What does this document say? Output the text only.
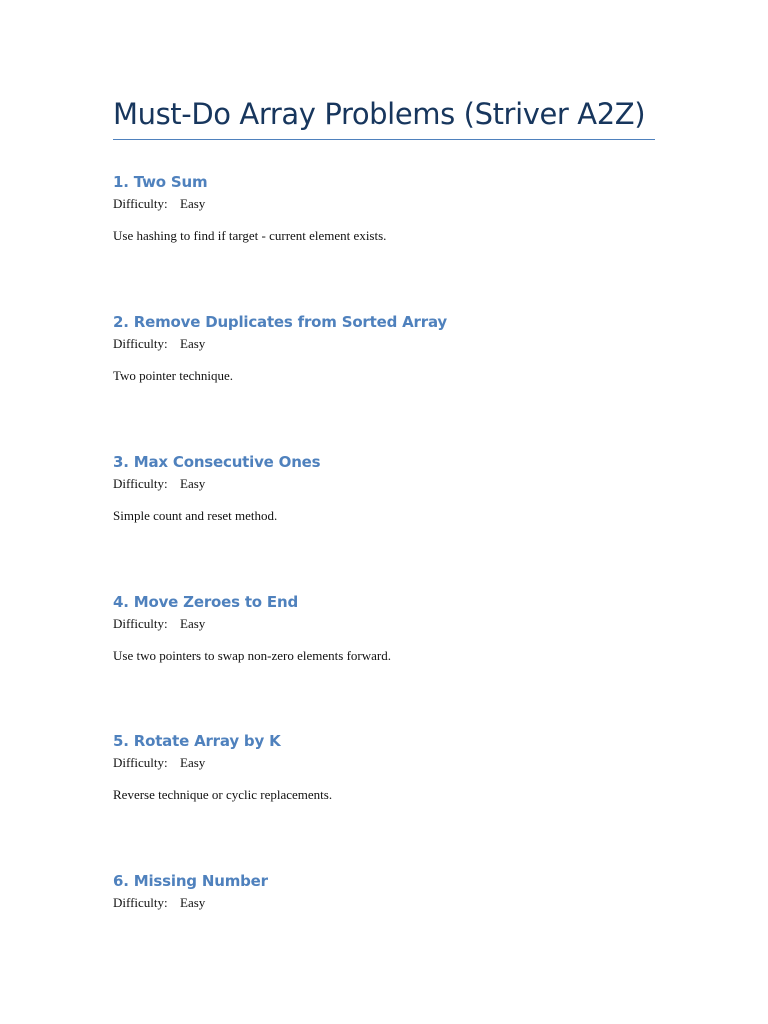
Must-Do Array Problems (Striver A2Z)
1. Two Sum
Difficulty: Easy

Use hashing to find if target - current element exists.

2. Remove Duplicates from Sorted Array
Difficulty: Easy

Two pointer technique.

3. Max Consecutive Ones
Difficulty: Easy

Simple count and reset method.

4. Move Zeroes to End
Difficulty: Easy

Use two pointers to swap non-zero elements forward.

5. Rotate Array by K
Difficulty: Easy

Reverse technique or cyclic replacements.

6. Missing Number
Difficulty: Easy
